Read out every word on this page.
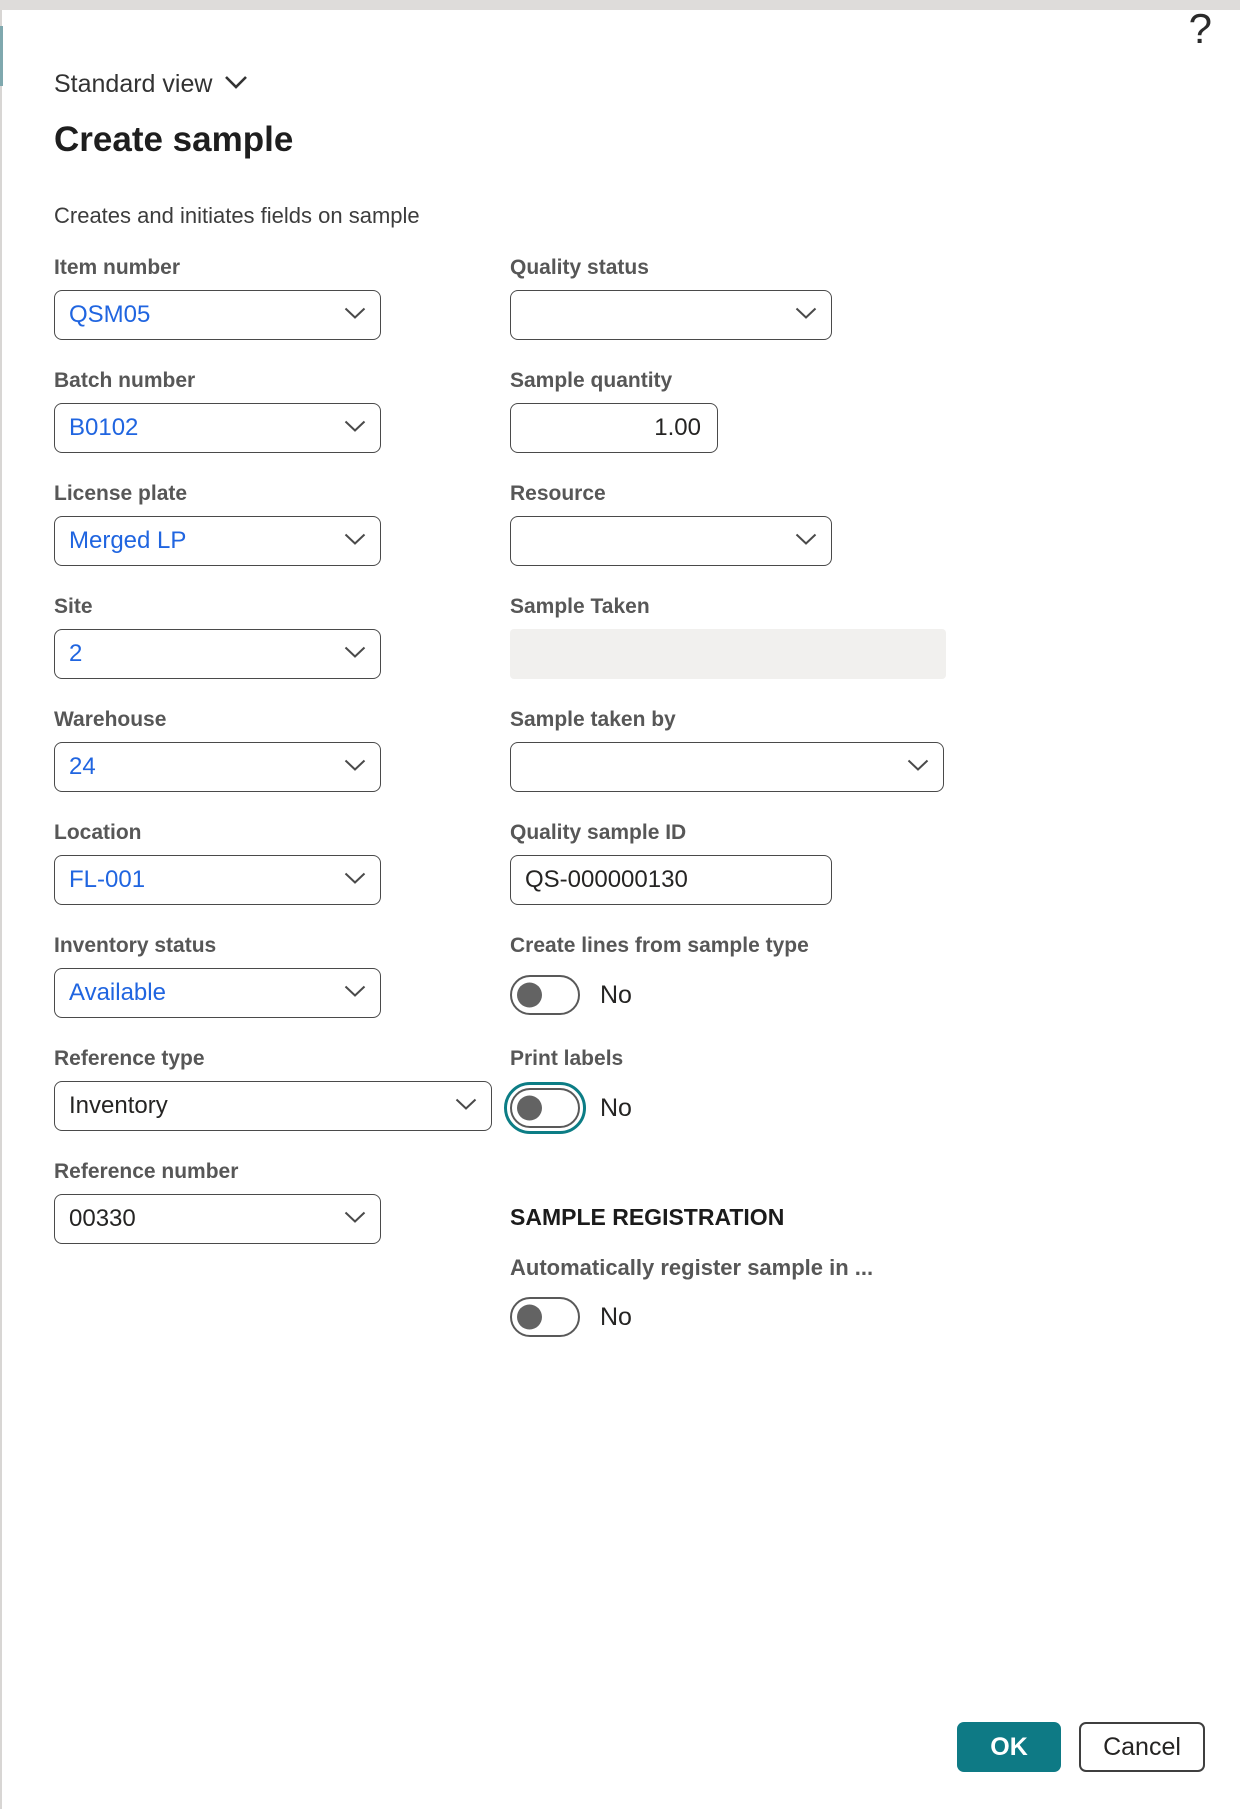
?
Standard view
Create sample

Creates and initiates fields on sample

Item number
QSM05
Quality status
Batch number
B0102
Sample quantity
1.00
License plate
Merged LP
Resource
Site
2
Sample Taken
Warehouse
24
Sample taken by
Location
FL-001
Quality sample ID
QS-000000130
Inventory status
Available
Create lines from sample type
No
Reference type
Inventory
Print labels
No
Reference number
00330	SAMPLE REGISTRATION
Automatically register sample in ...
No
OK	Cancel
